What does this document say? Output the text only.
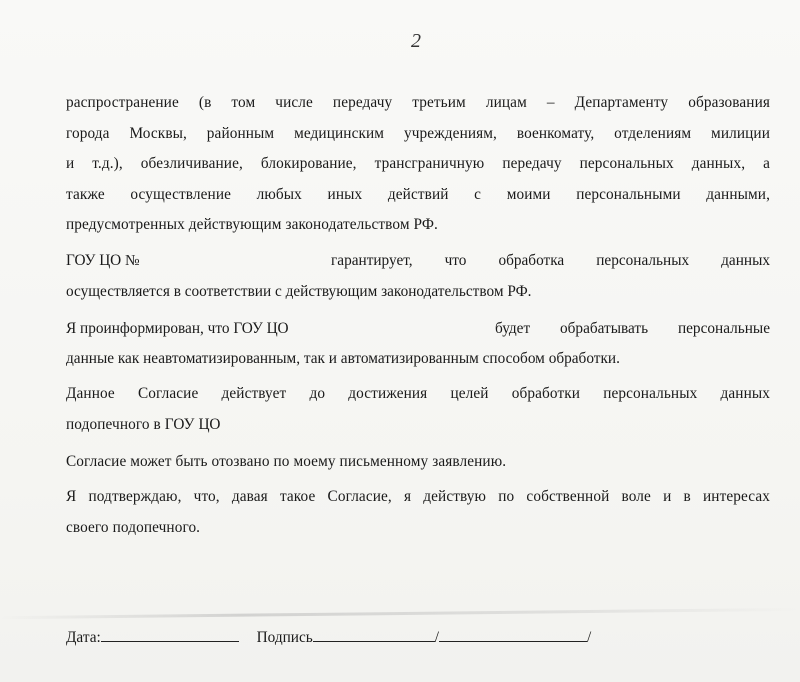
2
распространение (в том числе передачу третьим лицам – Департаменту образования
города Москвы, районным медицинским учреждениям, военкомату, отделениям милиции
и т.д.), обезличивание, блокирование, трансграничную передачу персональных данных, а
также осуществление любых иных действий с моими персональными данными,
предусмотренных действующим законодательством РФ.
ГОУ ЦО №	гарантирует, что обработка персональных данных
осуществляется в соответствии с действующим законодательством РФ.
Я проинформирован, что ГОУ ЦО	будет обрабатывать персональные
данные как неавтоматизированным, так и автоматизированным способом обработки.
Данное Согласие действует до достижения целей обработки персональных данных
подопечного в ГОУ ЦО
Согласие может быть отозвано по моему письменному заявлению.
Я подтверждаю, что, давая такое Согласие, я действую по собственной воле и в интересах
своего подопечного.
Дата:	Подпись	/	/
